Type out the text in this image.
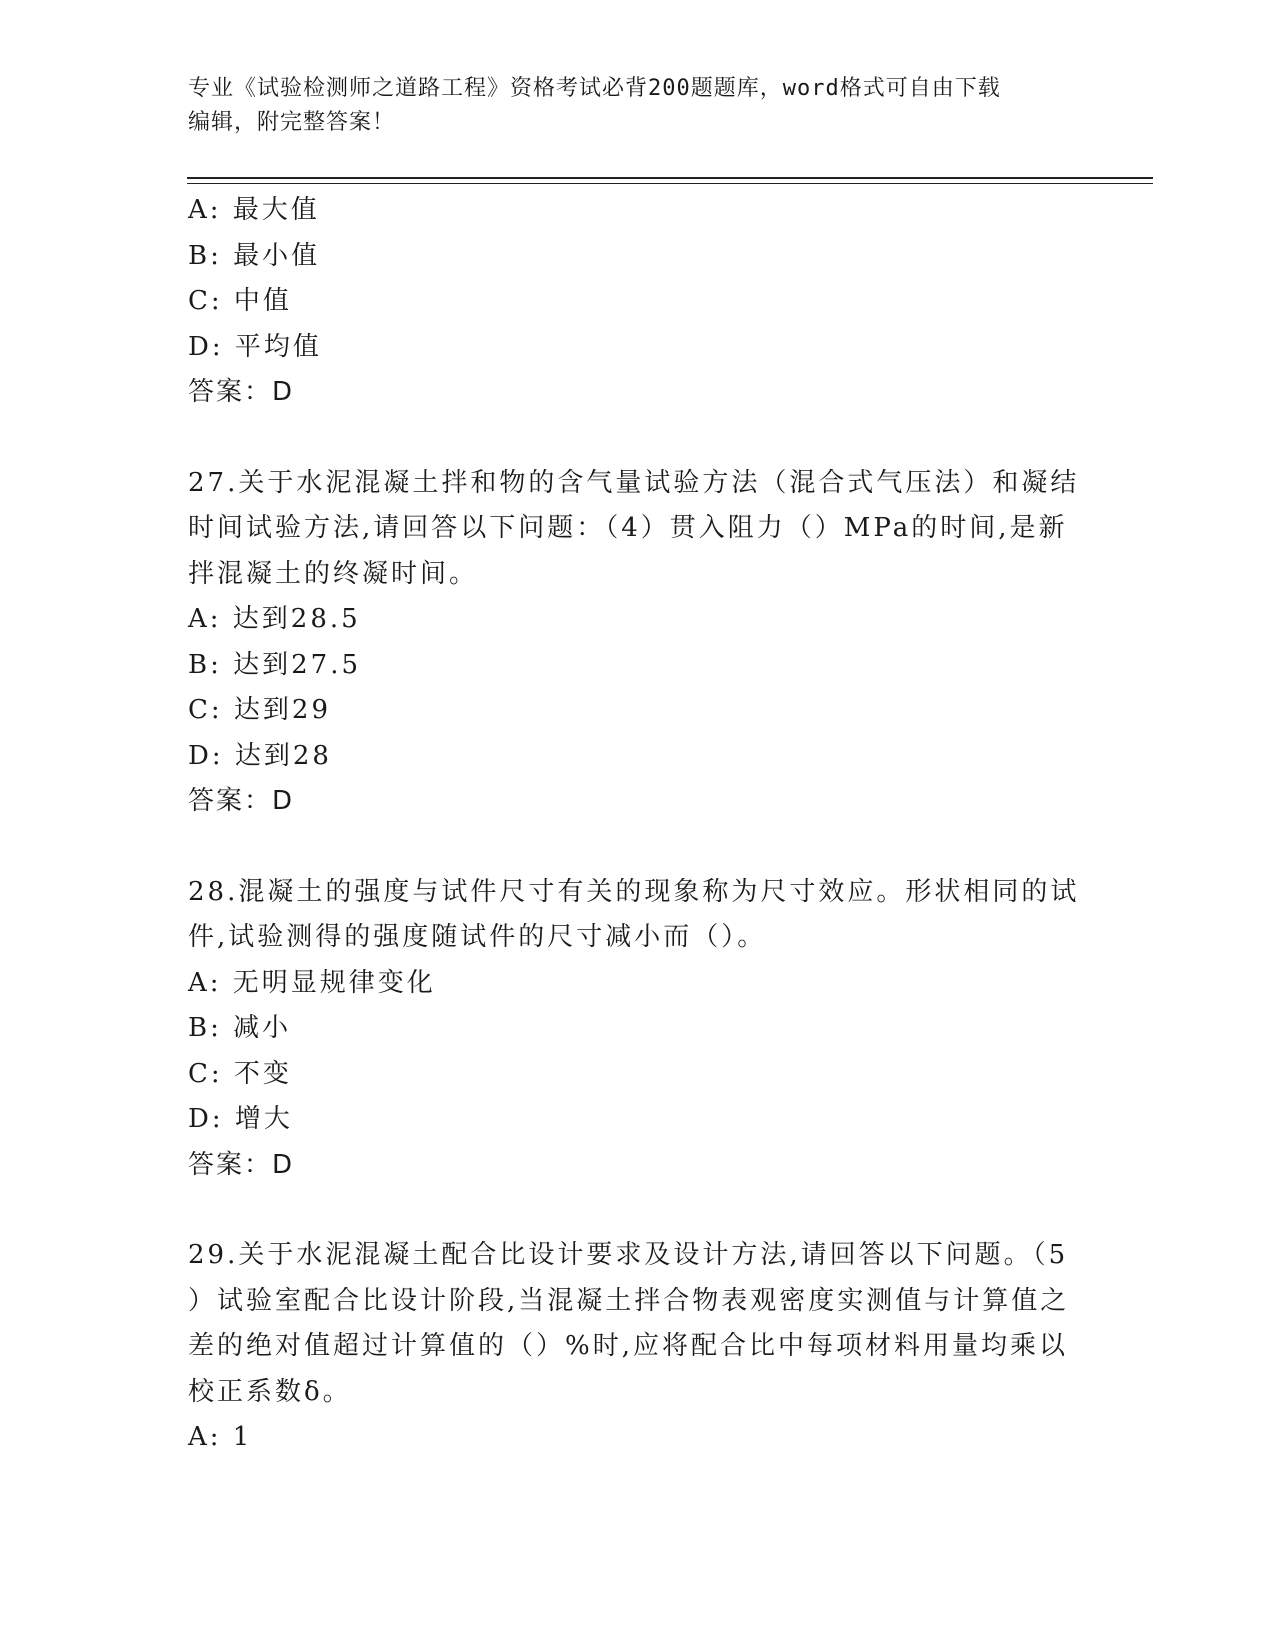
专业《试验检测师之道路工程》资格考试必背200题题库，word格式可自由下载
编辑，附完整答案！
A: 最大值
B: 最小值
C: 中值
D: 平均值
答案：D
27.关于水泥混凝土拌和物的含气量试验方法（混合式气压法）和凝结
时间试验方法,请回答以下问题：（4）贯入阻力（）MPa的时间,是新
拌混凝土的终凝时间。
A: 达到28.5
B: 达到27.5
C: 达到29
D: 达到28
答案：D
28.混凝土的强度与试件尺寸有关的现象称为尺寸效应。形状相同的试
件,试验测得的强度随试件的尺寸减小而（）。
A: 无明显规律变化
B: 减小
C: 不变
D: 增大
答案：D
29.关于水泥混凝土配合比设计要求及设计方法,请回答以下问题。（5
）试验室配合比设计阶段,当混凝土拌合物表观密度实测值与计算值之
差的绝对值超过计算值的（）%时,应将配合比中每项材料用量均乘以
校正系数δ。
A: 1
